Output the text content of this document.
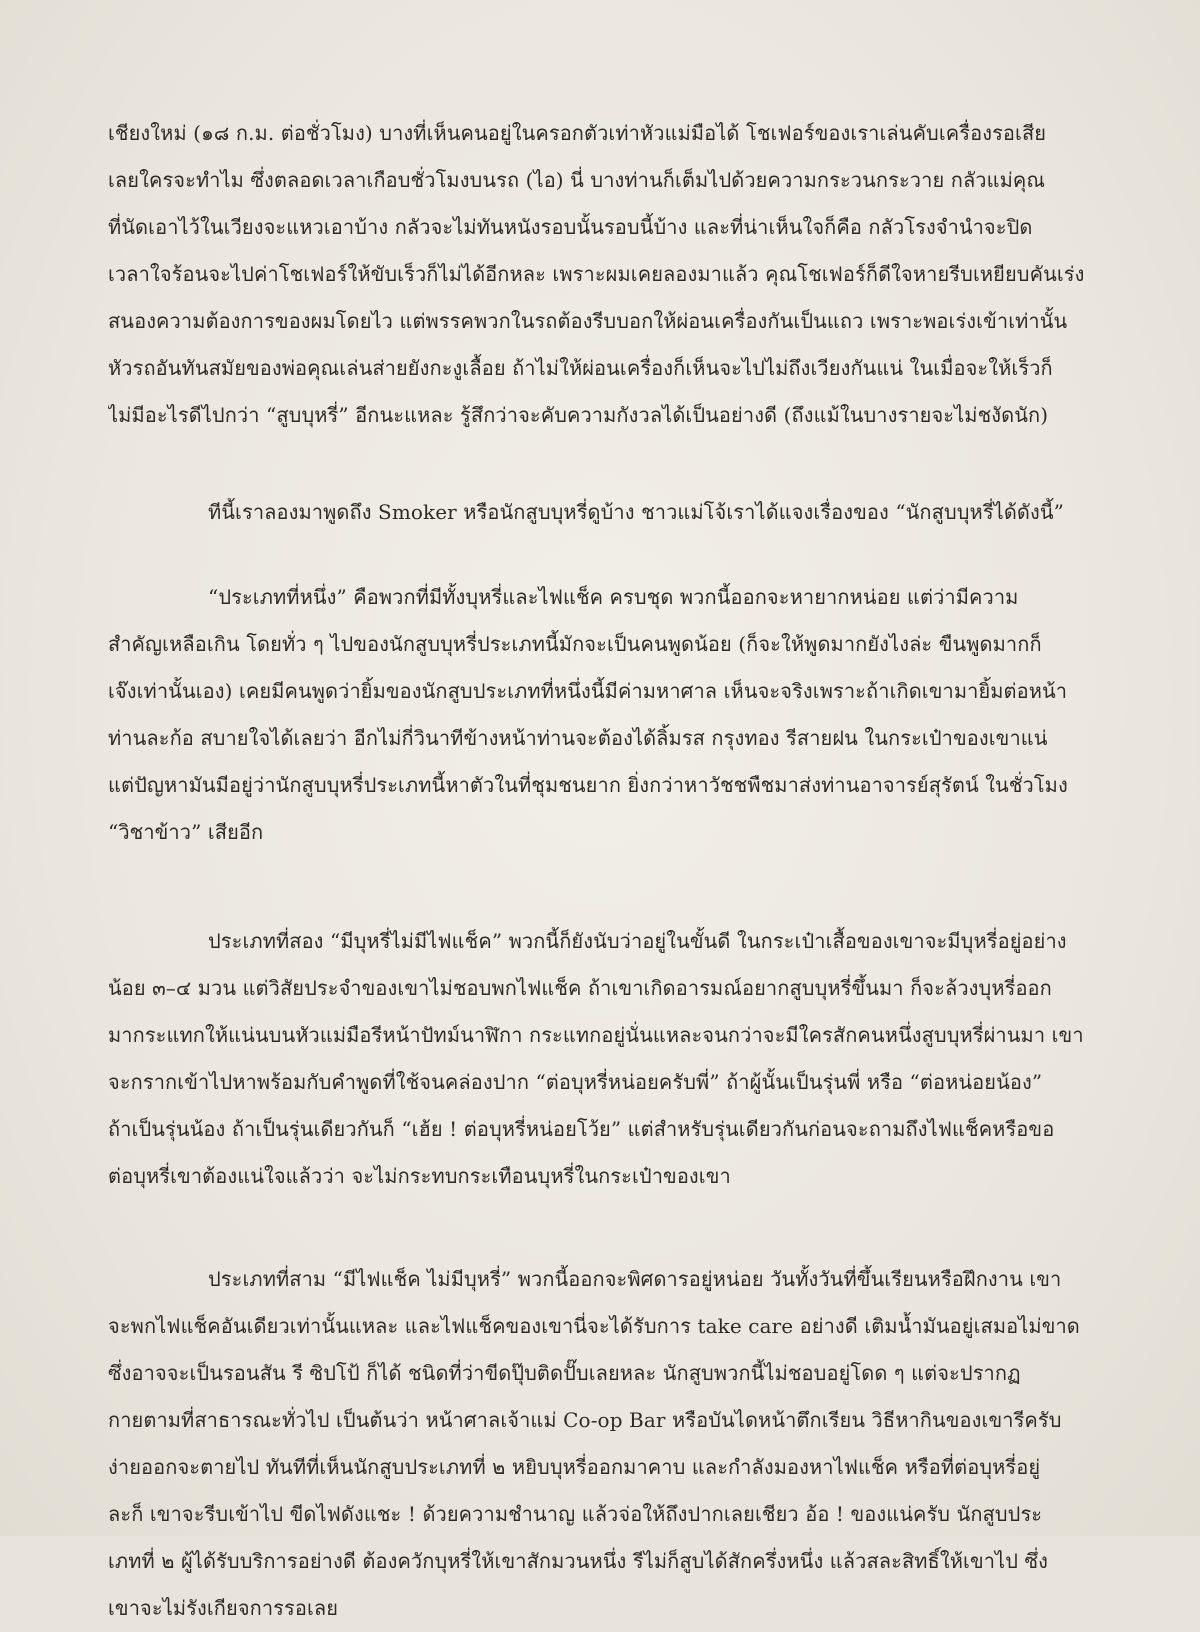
เชียงใหม่ (๑๘ ก.ม. ต่อชั่วโมง) บางที่เห็นคนอยู่ในครอกตัวเท่าหัวแม่มือได้ โชเฟอร์ของเราเล่นคับเครื่องรอเสีย
เลยใครจะทำไม ซึ่งตลอดเวลาเกือบชั่วโมงบนรถ (ไอ) นี่ บางท่านก็เต็มไปด้วยความกระวนกระวาย กลัวแม่คุณ
ที่นัดเอาไว้ในเวียงจะแหวเอาบ้าง กลัวจะไม่ทันหนังรอบนั้นรอบนี้บ้าง และที่น่าเห็นใจก็คือ กลัวโรงจำนำจะปิด
เวลาใจร้อนจะไปค่าโชเฟอร์ให้ขับเร็วก็ไม่ได้อีกหละ เพราะผมเคยลองมาแล้ว คุณโชเฟอร์ก็ดีใจหายรีบเหยียบคันเร่ง
สนองความต้องการของผมโดยไว แต่พรรคพวกในรถต้องรีบบอกให้ผ่อนเครื่องกันเป็นแถว เพราะพอเร่งเข้าเท่านั้น
หัวรถอันทันสมัยของพ่อคุณเล่นส่ายยังกะงูเลื้อย ถ้าไม่ให้ผ่อนเครื่องก็เห็นจะไปไม่ถึงเวียงกันแน่ ในเมื่อจะให้เร็วก็
ไม่มีอะไรดีไปกว่า “สูบบุหรี่” อีกนะแหละ รู้สึกว่าจะคับความกังวลได้เป็นอย่างดี (ถึงแม้ในบางรายจะไม่ชงัดนัก)
ทีนี้เราลองมาพูดถึง Smoker หรือนักสูบบุหรี่ดูบ้าง ชาวแม่โจ้เราได้แจงเรื่องของ “นักสูบบุหรี่ได้ดังนี้”
“ประเภทที่หนึ่ง” คือพวกที่มีทั้งบุหรี่และไฟแช็ค ครบชุด พวกนี้ออกจะหายากหน่อย แต่ว่ามีความ
สำคัญเหลือเกิน โดยทั่ว ๆ ไปของนักสูบบุหรี่ประเภทนี้มักจะเป็นคนพูดน้อย (ก็จะให้พูดมากยังไงล่ะ ขืนพูดมากก็
เจ๊งเท่านั้นเอง) เคยมีคนพูดว่ายิ้มของนักสูบประเภทที่หนึ่งนี้มีค่ามหาศาล เห็นจะจริงเพราะถ้าเกิดเขามายิ้มต่อหน้า
ท่านละก้อ สบายใจได้เลยว่า อีกไม่กี่วินาทีข้างหน้าท่านจะต้องได้ลิ้มรส กรุงทอง รีสายฝน ในกระเป๋าของเขาแน่
แต่ปัญหามันมีอยู่ว่านักสูบบุหรี่ประเภทนี้หาตัวในที่ชุมชนยาก ยิ่งกว่าหาวัชชพืชมาส่งท่านอาจารย์สุรัตน์ ในชั่วโมง
“วิชาข้าว” เสียอีก
ประเภทที่สอง “มีบุหรี่ไม่มีไฟแช็ค” พวกนี้ก็ยังนับว่าอยู่ในขั้นดี ในกระเป๋าเสื้อของเขาจะมีบุหรี่อยู่อย่าง
น้อย ๓–๔ มวน แต่วิสัยประจำของเขาไม่ชอบพกไฟแช็ค ถ้าเขาเกิดอารมณ์อยากสูบบุหรี่ขึ้นมา ก็จะล้วงบุหรี่ออก
มากระแทกให้แน่นบนหัวแม่มือรีหน้าปัทม์นาฬิกา กระแทกอยู่นั่นแหละจนกว่าจะมีใครสักคนหนึ่งสูบบุหรี่ผ่านมา เขา
จะกรากเข้าไปหาพร้อมกับคำพูดที่ใช้จนคล่องปาก “ต่อบุหรี่หน่อยครับพี่” ถ้าผู้นั้นเป็นรุ่นพี่ หรือ “ต่อหน่อยน้อง”
ถ้าเป็นรุ่นน้อง ถ้าเป็นรุ่นเดียวกันก็ “เฮ้ย ! ต่อบุหรี่หน่อยโว้ย” แต่สำหรับรุ่นเดียวกันก่อนจะถามถึงไฟแช็คหรือขอ
ต่อบุหรี่เขาต้องแน่ใจแล้วว่า จะไม่กระทบกระเทือนบุหรี่ในกระเป๋าของเขา
ประเภทที่สาม “มีไฟแช็ค ไม่มีบุหรี่” พวกนี้ออกจะพิศดารอยู่หน่อย วันทั้งวันที่ขึ้นเรียนหรือฝึกงาน เขา
จะพกไฟแช็คอันเดียวเท่านั้นแหละ และไฟแช็คของเขานี่จะได้รับการ take care อย่างดี เติมน้ำมันอยู่เสมอไม่ขาด
ซึ่งอาจจะเป็นรอนสัน รี ซิปโป้ ก็ได้ ชนิดที่ว่าขีดปุ๊บติดปั๊บเลยหละ นักสูบพวกนี้ไม่ชอบอยู่โดด ๆ แต่จะปรากฏ
กายตามที่สาธารณะทั่วไป เป็นต้นว่า หน้าศาลเจ้าแม่ Co-op Bar หรือบันไดหน้าตึกเรียน วิธีหากินของเขารีครับ
ง่ายออกจะตายไป ทันทีที่เห็นนักสูบประเภทที่ ๒ หยิบบุหรี่ออกมาคาบ และกำลังมองหาไฟแช็ค หรือที่ต่อบุหรี่อยู่
ละก็ เขาจะรีบเข้าไป ขีดไฟดังแชะ ! ด้วยความชำนาญ แล้วจ่อให้ถึงปากเลยเชียว อ้อ ! ของแน่ครับ นักสูบประ
เภทที่ ๒ ผู้ได้รับบริการอย่างดี ต้องควักบุหรี่ให้เขาสักมวนหนึ่ง รีไม่ก็สูบได้สักครึ่งหนึ่ง แล้วสละสิทธิ์ให้เขาไป ซึ่ง
เขาจะไม่รังเกียจการรอเลย
